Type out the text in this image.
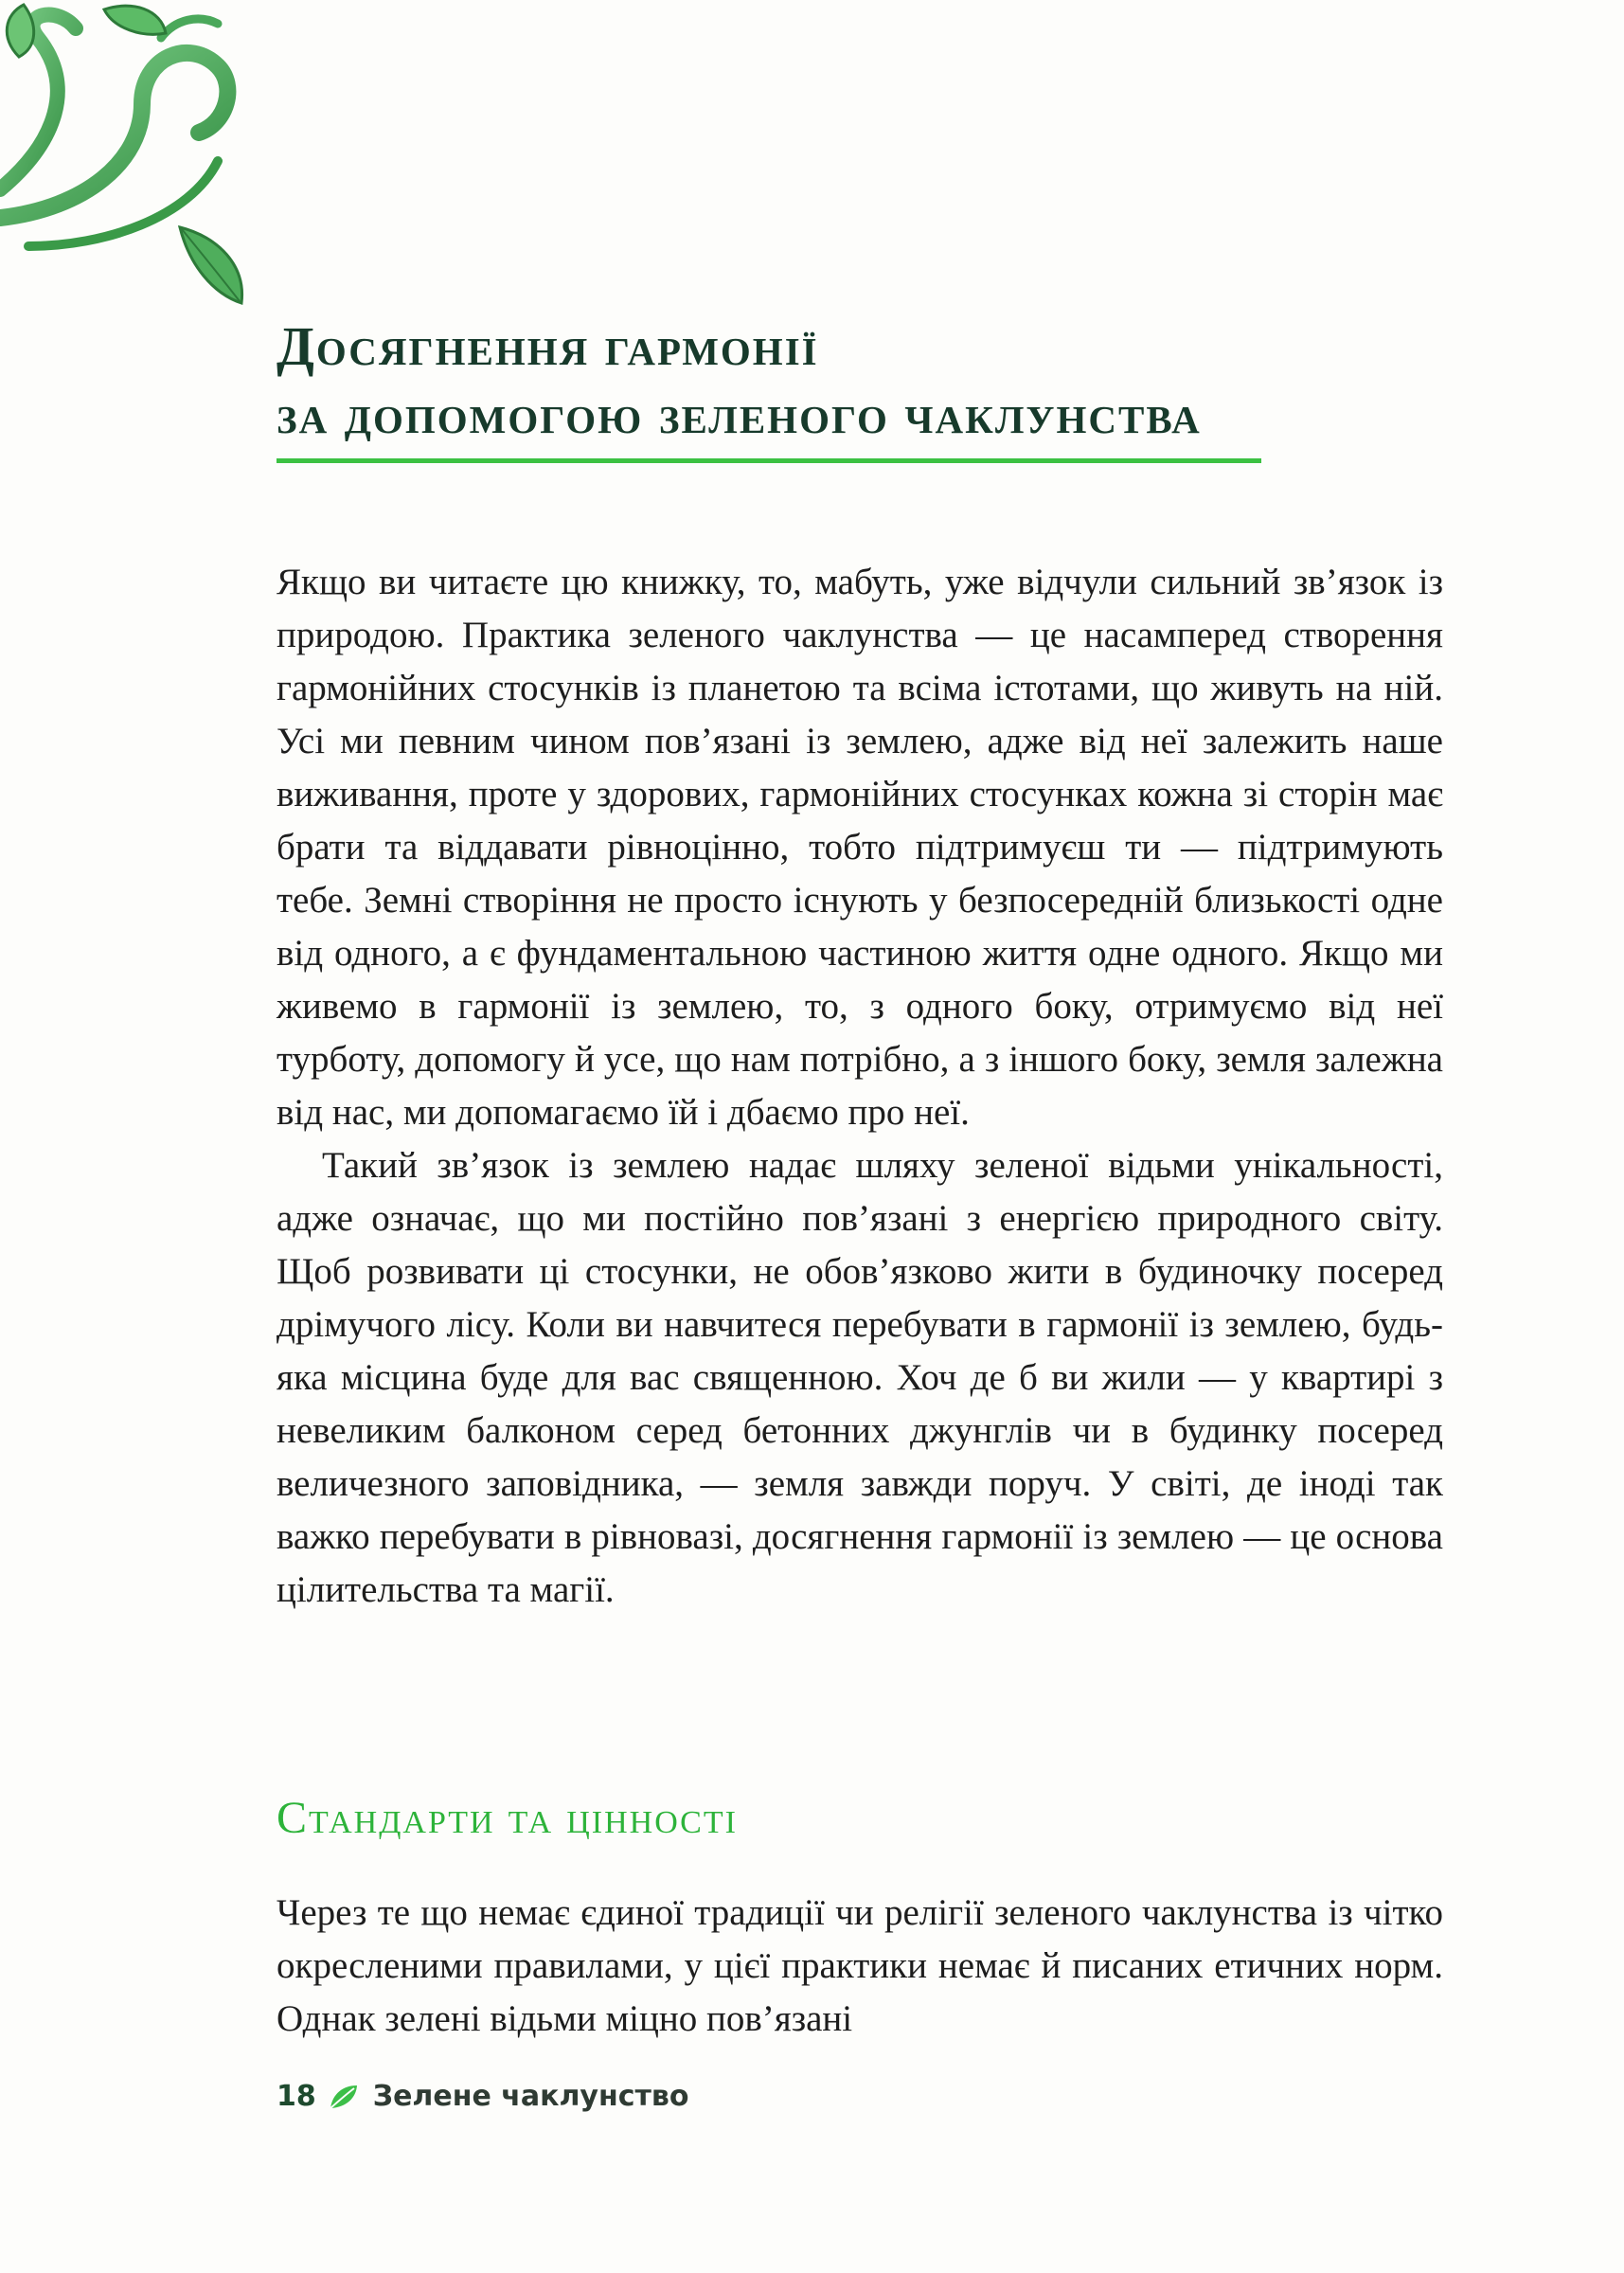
Досягнення гармонії
за допомогою зеленого чаклунства

Якщо ви читаєте цю книжку, то, мабуть, уже відчули сильний зв’язок із природою. Практика зеленого чаклунства — це насамперед створення гармонійних стосунків із планетою та всіма істотами, що живуть на ній. Усі ми певним чином пов’язані із землею, адже від неї залежить наше виживання, проте у здорових, гармонійних стосунках кожна зі сторін має брати та віддавати рівноцінно, тобто підтримуєш ти — підтримують тебе. Земні створіння не просто існують у безпосередній близькості одне від одного, а є фундаментальною частиною життя одне одного. Якщо ми живемо в гармонії із землею, то, з одного боку, отримуємо від неї турботу, допомогу й усе, що нам потрібно, а з іншого боку, земля залежна від нас, ми допомагаємо їй і дбаємо про неї.

Такий зв’язок із землею надає шляху зеленої відьми унікальності, адже означає, що ми постійно пов’язані з енергією природного світу. Щоб розвивати ці стосунки, не обов’язково жити в будиночку посеред дрімучого лісу. Коли ви навчитеся перебувати в гармонії із землею, будь-яка місцина буде для вас священною. Хоч де б ви жили — у квартирі з невеликим балконом серед бетонних джунглів чи в будинку посеред величезного заповідника, — земля завжди поруч. У світі, де іноді так важко перебувати в рівновазі, досягнення гармонії із землею — це основа цілительства та магії.

Стандарти та цінності

Через те що немає єдиної традиції чи релігії зеленого чаклунства із чітко окресленими правилами, у цієї практики немає й писаних етичних норм. Однак зелені відьми міцно пов’язані

18 Зелене чаклунство
